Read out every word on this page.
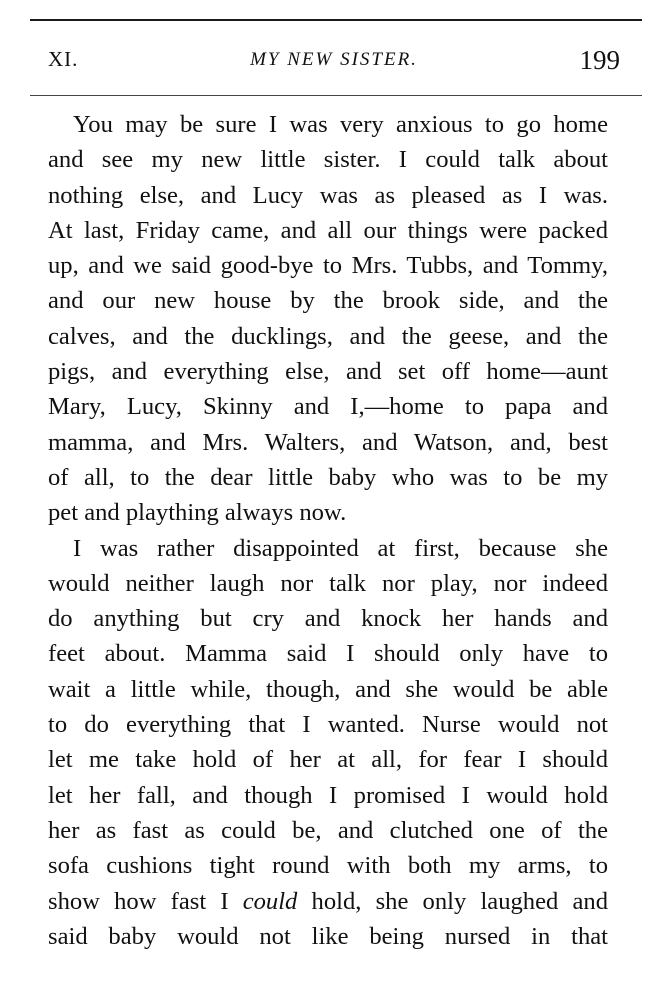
XI.	MY NEW SISTER.	199
You may be sure I was very anxious to go home
and see my new little sister. I could talk about
nothing else, and Lucy was as pleased as I was.
At last, Friday came, and all our things were packed
up, and we said good-bye to Mrs. Tubbs, and Tommy,
and our new house by the brook side, and the
calves, and the ducklings, and the geese, and the
pigs, and everything else, and set off home—aunt
Mary, Lucy, Skinny and I,—home to papa and
mamma, and Mrs. Walters, and Watson, and, best
of all, to the dear little baby who was to be my
pet and plaything always now.
I was rather disappointed at first, because she
would neither laugh nor talk nor play, nor indeed
do anything but cry and knock her hands and
feet about. Mamma said I should only have to
wait a little while, though, and she would be able
to do everything that I wanted. Nurse would not
let me take hold of her at all, for fear I should
let her fall, and though I promised I would hold
her as fast as could be, and clutched one of the
sofa cushions tight round with both my arms, to
show how fast I could hold, she only laughed and
said baby would not like being nursed in that
